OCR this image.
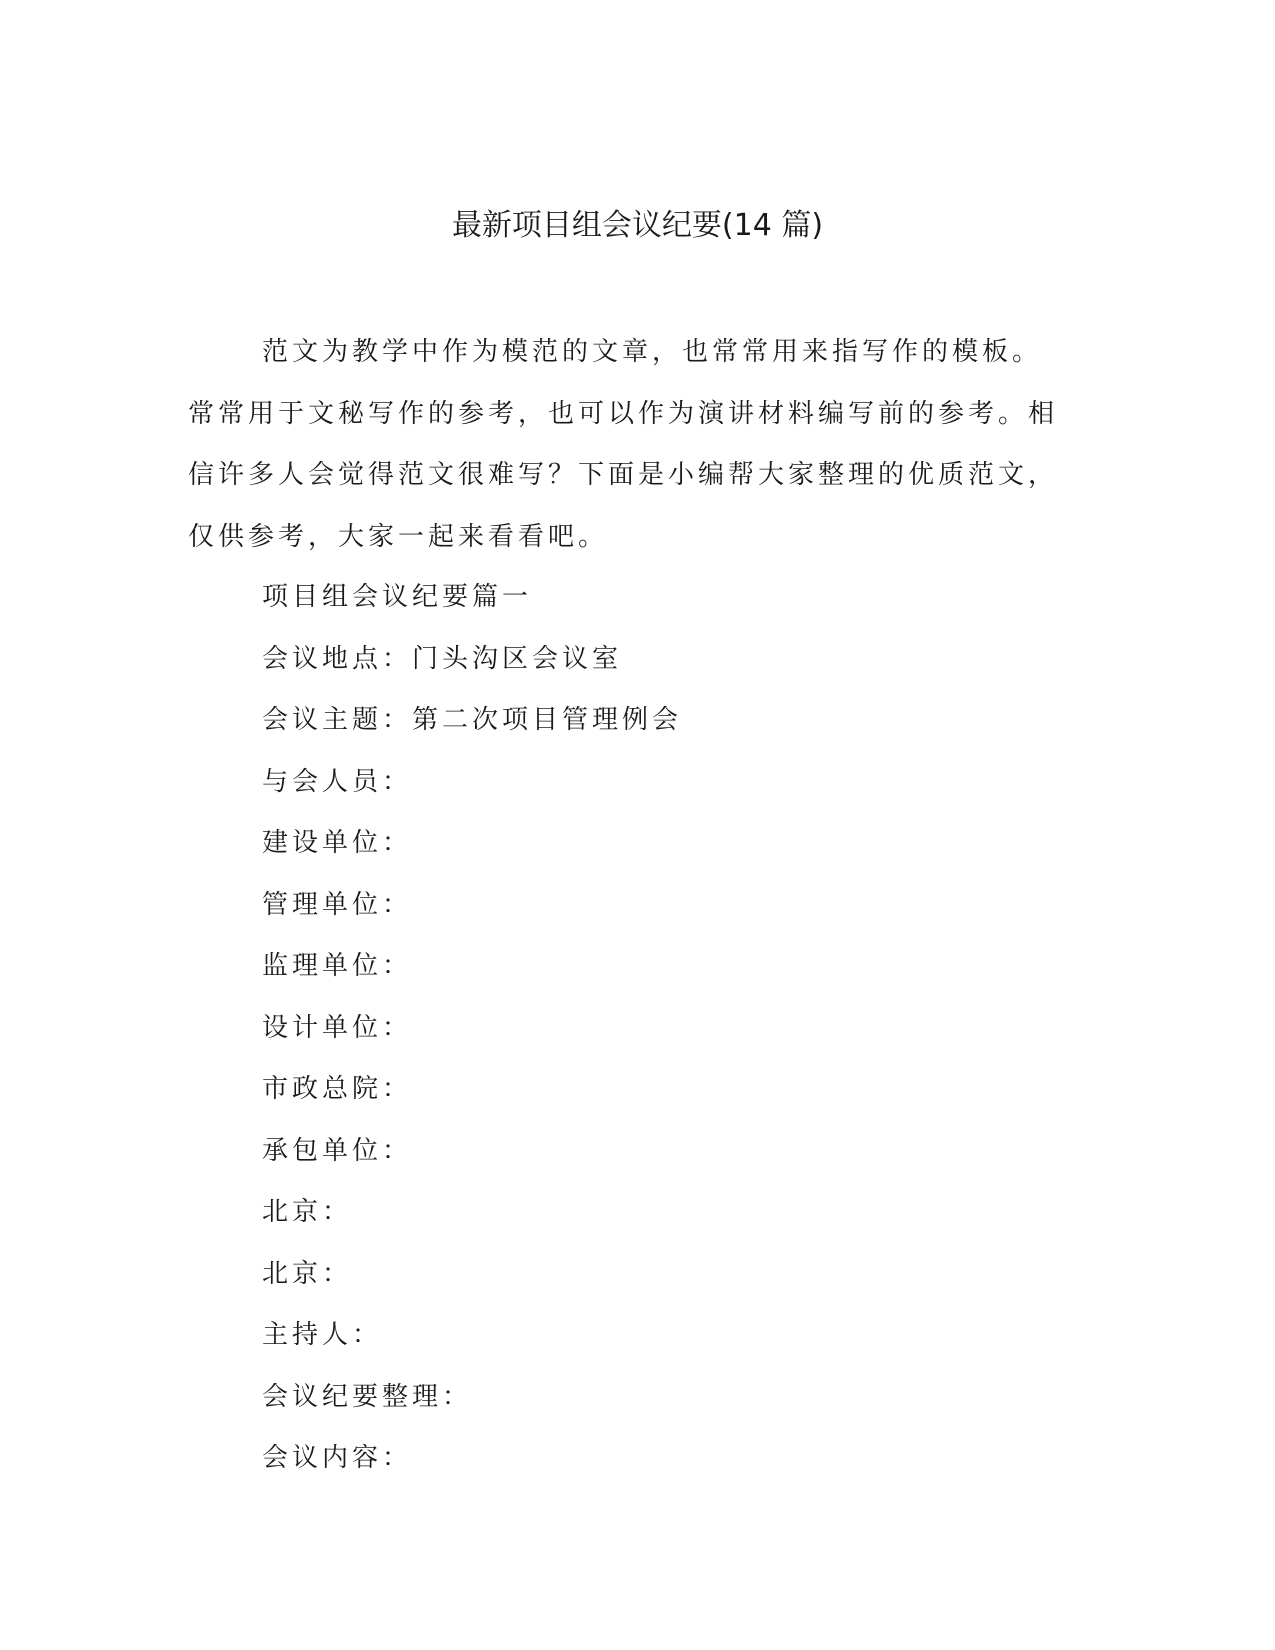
最新项目组会议纪要(14 篇)

范文为教学中作为模范的文章，也常常用来指写作的模板。常常用于文秘写作的参考，也可以作为演讲材料编写前的参考。相信许多人会觉得范文很难写？下面是小编帮大家整理的优质范文，仅供参考，大家一起来看看吧。

项目组会议纪要篇一
会议地点：门头沟区会议室
会议主题：第二次项目管理例会
与会人员：
建设单位：
管理单位：
监理单位：
设计单位：
市政总院：
承包单位：
北京：
北京：
主持人：
会议纪要整理：
会议内容：
